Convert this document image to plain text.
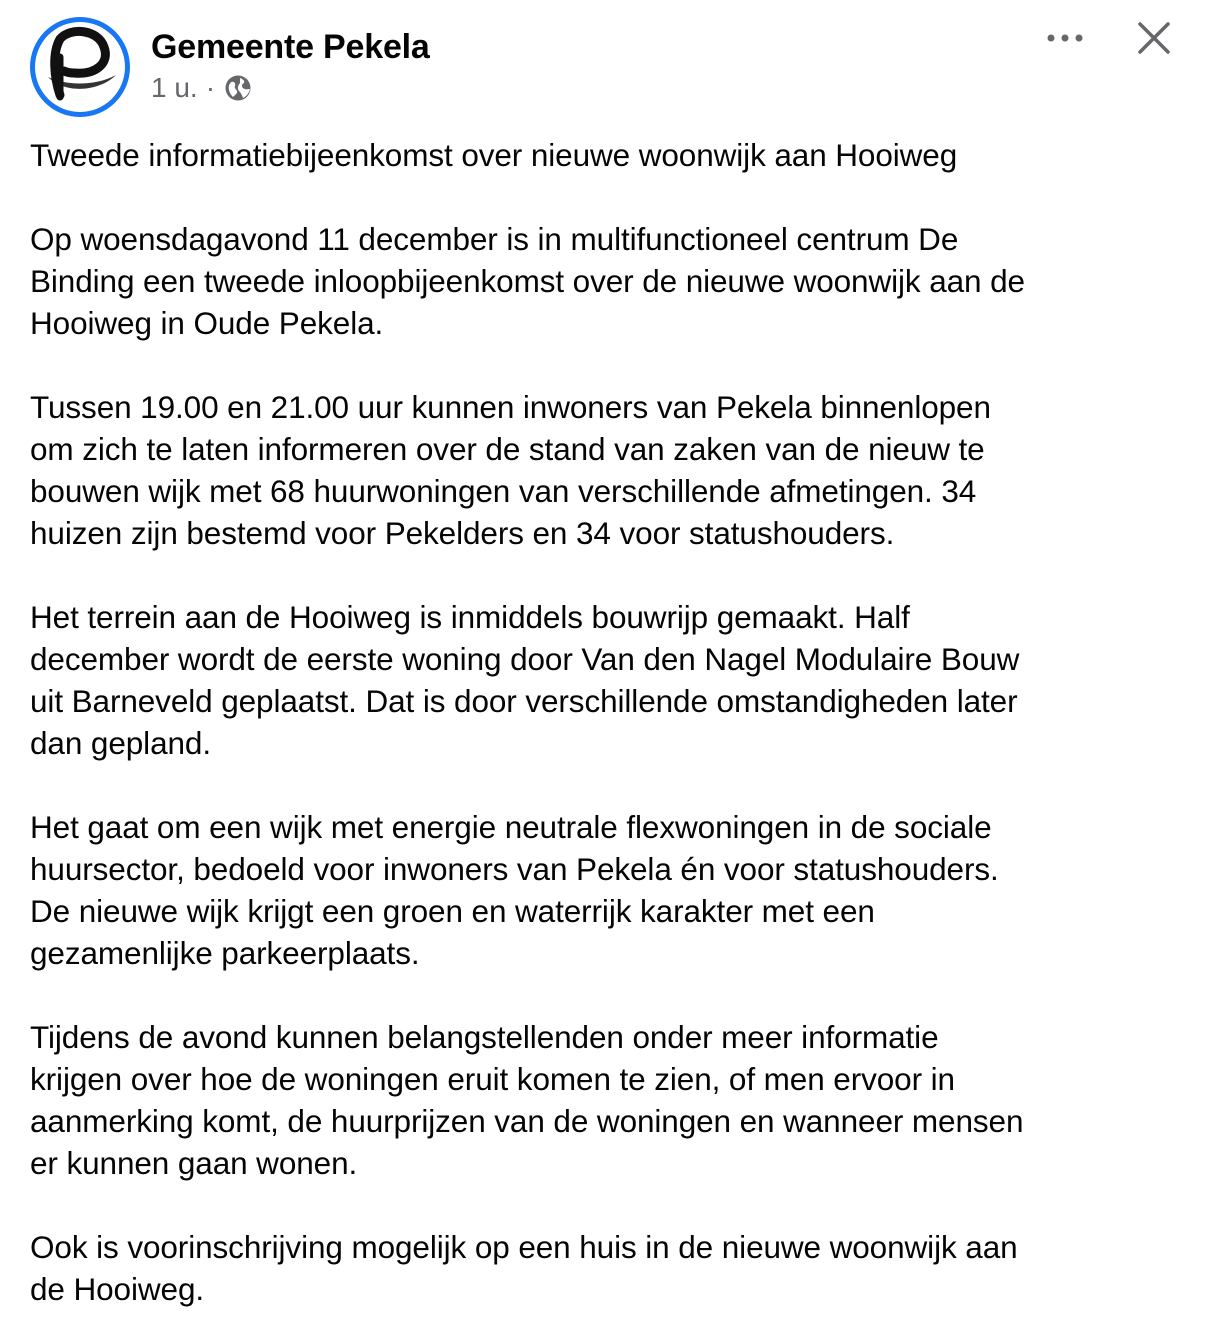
Gemeente Pekela
1 u. ·

Tweede informatiebijeenkomst over nieuwe woonwijk aan Hooiweg

Op woensdagavond 11 december is in multifunctioneel centrum De
Binding een tweede inloopbijeenkomst over de nieuwe woonwijk aan de
Hooiweg in Oude Pekela.

Tussen 19.00 en 21.00 uur kunnen inwoners van Pekela binnenlopen
om zich te laten informeren over de stand van zaken van de nieuw te
bouwen wijk met 68 huurwoningen van verschillende afmetingen. 34
huizen zijn bestemd voor Pekelders en 34 voor statushouders.

Het terrein aan de Hooiweg is inmiddels bouwrijp gemaakt. Half
december wordt de eerste woning door Van den Nagel Modulaire Bouw
uit Barneveld geplaatst. Dat is door verschillende omstandigheden later
dan gepland.

Het gaat om een wijk met energie neutrale flexwoningen in de sociale
huursector, bedoeld voor inwoners van Pekela én voor statushouders.
De nieuwe wijk krijgt een groen en waterrijk karakter met een
gezamenlijke parkeerplaats.

Tijdens de avond kunnen belangstellenden onder meer informatie
krijgen over hoe de woningen eruit komen te zien, of men ervoor in
aanmerking komt, de huurprijzen van de woningen en wanneer mensen
er kunnen gaan wonen.

Ook is voorinschrijving mogelijk op een huis in de nieuwe woonwijk aan
de Hooiweg.
